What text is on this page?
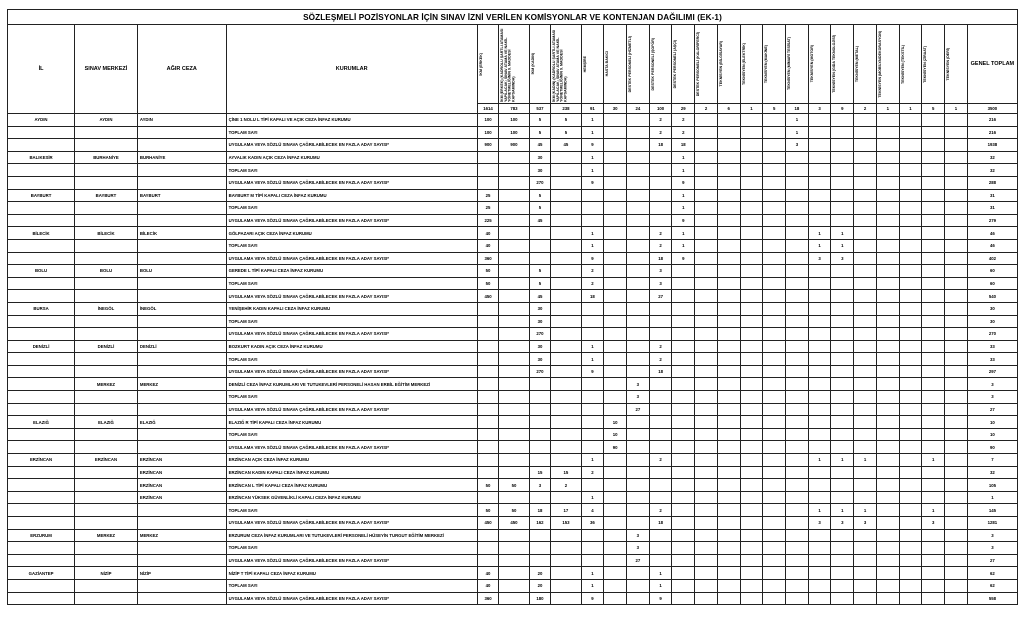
SÖZLEŞMELİ POZİSYONLAR İÇİN SINAV İZNİ VERİLEN KOMİSYONLAR VE KONTENJAN DAĞILIMI (EK-1)																									
İL	SINAV MERKEZİ	AĞIR CEZA	KURUMLAR	İKM (ERKEK)	İKM (ERKEK) (KADROLU ŞARTLI ATAMASI YAPILACAK; SINAV ATAMA VE NAKİL YÖNETMELİĞİNİN 9. MADDESİ KAPSAMINDA)	İKM (KADIN)	İKM (KADIN) (KADROLU ŞARTLI ATAMASI YAPILACAK; SINAV ATAMA VE NAKİL YÖNETMELİĞİNİN 9. MADDESİ KAPSAMINDA)	HEMŞİRE	HASTA BAKICI	DESTEK PERSONELİ (HİZMETLİ)	DESTEK PERSONELİ (ŞOFÖR)	DESTEK PERSONELİ (AŞÇI)	DESTEK PERSONELİ (KALORİFERCİ)	TEKNİSYEN (BİLGİSAYAR)	TEKNİSYEN (ELEKTRİK)	TEKNİSYEN (MAKİNE)	TEKNİSYEN (MİMARİ TESİSAT)	TEKNİSYEN (MOTOR)	TEKNİSYEN (GIDA TEKNOLOJİSİ)	TEKNİSYEN (METAL)	TEKNİSYEN (MOBİLYA/DEKORASYON)	TEKNİSYEN (TEKSTİL)	TEKNİSYEN (ZİRAAT)	TEKNİSYEN (DERİ)	GENEL TOPLAM
				1614	783	537	238	91	30	24	100	29	2	6	1	5	18	3	9	2	1	1	5	1	3500
AYDIN	AYDIN	AYDIN	ÇİNE 1 NOLU L TİPİ KAPALI VE AÇIK CEZA İNFAZ KURUMU	100	100	5	5	1			2	2					1								216
			TOPLAM SAYI	100	100	5	5	1			2	2					1								216
			UYGULAMA VEYA SÖZLÜ SINAVA ÇAĞRILABİLECEK EN FAZLA ADAY SAYISI*	900	900	45	45	9			18	18					3								1938
BALIKESİR	BURHANİYE	BURHANİYE	AYVALIK KADIN AÇIK CEZA İNFAZ KURUMU			30		1				1													32
			TOPLAM SAYI			30		1				1													32
			UYGULAMA VEYA SÖZLÜ SINAVA ÇAĞRILABİLECEK EN FAZLA ADAY SAYISI*			270		9				9													288
BAYBURT	BAYBURT	BAYBURT	BAYBURT M TİPİ KAPALI CEZA İNFAZ KURUMU	25		5						1													31
			TOPLAM SAYI	25		5						1													31
			UYGULAMA VEYA SÖZLÜ SINAVA ÇAĞRILABİLECEK EN FAZLA ADAY SAYISI*	225		45						9													279
BİLECİK	BİLECİK	BİLECİK	GÖLPAZARI AÇIK CEZA İNFAZ KURUMU	40				1			2	1						1	1						46
			TOPLAM SAYI	40				1			2	1						1	1						46
			UYGULAMA VEYA SÖZLÜ SINAVA ÇAĞRILABİLECEK EN FAZLA ADAY SAYISI*	360				9			18	9						3	3						402
BOLU	BOLU	BOLU	GEREDE L TİPİ KAPALI CEZA İNFAZ KURUMU	50		5		2			3														60
			TOPLAM SAYI	50		5		2			3														60
			UYGULAMA VEYA SÖZLÜ SINAVA ÇAĞRILABİLECEK EN FAZLA ADAY SAYISI*	450		45		18			27														540
BURSA	İNEGÖL	İNEGÖL	YENİŞEHİR KADIN KAPALI CEZA İNFAZ KURUMU			30																			30
			TOPLAM SAYI			30																			30
			UYGULAMA VEYA SÖZLÜ SINAVA ÇAĞRILABİLECEK EN FAZLA ADAY SAYISI*			270																			270
DENİZLİ	DENİZLİ	DENİZLİ	BOZKURT KADIN AÇIK CEZA İNFAZ KURUMU			30		1			2														33
			TOPLAM SAYI			30		1			2														33
			UYGULAMA VEYA SÖZLÜ SINAVA ÇAĞRILABİLECEK EN FAZLA ADAY SAYISI*			270		9			18														297
	MERKEZ	MERKEZ	DENİZLİ CEZA İNFAZ KURUMLARI VE TUTUKEVLERİ PERSONELİ HASAN ERBİL EĞİTİM MERKEZİ							3															3
			TOPLAM SAYI							3															3
			UYGULAMA VEYA SÖZLÜ SINAVA ÇAĞRILABİLECEK EN FAZLA ADAY SAYISI*							27															27
ELAZIĞ	ELAZIĞ	ELAZIĞ	ELAZIĞ R TİPİ KAPALI CEZA İNFAZ KURUMU						10																10
			TOPLAM SAYI						10																10
			UYGULAMA VEYA SÖZLÜ SINAVA ÇAĞRILABİLECEK EN FAZLA ADAY SAYISI*						90																90
ERZİNCAN	ERZİNCAN	ERZİNCAN	ERZİNCAN AÇIK CEZA İNFAZ KURUMU					1			2							1	1	1			1		7
		ERZİNCAN	ERZİNCAN KADIN KAPALI CEZA İNFAZ KURUMU			15	15	2																	32
		ERZİNCAN	ERZİNCAN L TİPİ KAPALI CEZA İNFAZ KURUMU	50	50	3	2																		105
		ERZİNCAN	ERZİNCAN YÜKSEK GÜVENLİKLİ KAPALI CEZA İNFAZ KURUMU					1																	1
			TOPLAM SAYI	50	50	18	17	4			2							1	1	1			1		145
			UYGULAMA VEYA SÖZLÜ SINAVA ÇAĞRILABİLECEK EN FAZLA ADAY SAYISI*	450	450	162	153	36			18							3	3	3			3		1281
ERZURUM	MERKEZ	MERKEZ	ERZURUM CEZA İNFAZ KURUMLARI VE TUTUKEVLERİ PERSONELİ HÜSEYİN TURGUT EĞİTİM MERKEZİ							3															3
			TOPLAM SAYI							3															3
			UYGULAMA VEYA SÖZLÜ SINAVA ÇAĞRILABİLECEK EN FAZLA ADAY SAYISI*							27															27
GAZİANTEP	NİZİP	NİZİP	NİZİP T TİPİ KAPALI CEZA İNFAZ KURUMU	40		20		1			1														62
			TOPLAM SAYI	40		20		1			1														62
			UYGULAMA VEYA SÖZLÜ SINAVA ÇAĞRILABİLECEK EN FAZLA ADAY SAYISI*	360		180		9			9														558
